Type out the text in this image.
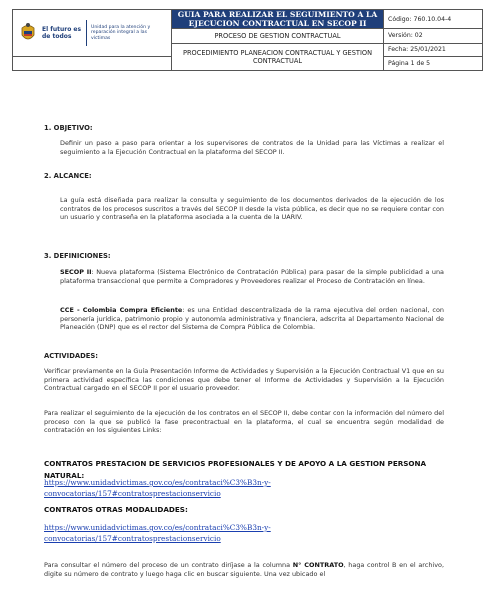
El futuro es de todos
Unidad para la atención y reparación integral a las víctimas	GUIA PARA REALIZAR EL SEGUIMIENTO A LA EJECUCION CONTRACTUAL EN SECOP II	Código: 760.10.04-4
	PROCESO DE GESTION CONTRACTUAL	Versión: 02
	PROCEDIMIENTO PLANEACION CONTRACTUAL Y GESTION CONTRACTUAL	Fecha: 25/01/2021
		Página 1 de 5
1. OBJETIVO:
Definir un paso a paso para orientar a los supervisores de contratos de la Unidad para las Víctimas a realizar el seguimiento a la Ejecución Contractual en la plataforma del SECOP II.
2. ALCANCE:
La guía está diseñada para realizar la consulta y seguimiento de los documentos derivados de la ejecución de los contratos de los procesos suscritos a través del SECOP II desde la vista pública, es decir que no se requiere contar con un usuario y contraseña en la plataforma asociada a la cuenta de la UARIV.
3. DEFINICIONES:
SECOP II: Nueva plataforma (Sistema Electrónico de Contratación Pública) para pasar de la simple publicidad a una plataforma transaccional que permite a Compradores y Proveedores realizar el Proceso de Contratación en línea.
CCE - Colombia Compra Eficiente: es una Entidad descentralizada de la rama ejecutiva del orden nacional, con personería jurídica, patrimonio propio y autonomía administrativa y financiera, adscrita al Departamento Nacional de Planeación (DNP) que es el rector del Sistema de Compra Pública de Colombia.
ACTIVIDADES:
Verificar previamente en la Guía Presentación Informe de Actividades y Supervisión a la Ejecución Contractual V1 que en su primera actividad específica las condiciones que debe tener el Informe de Actividades y Supervisión a la Ejecución Contractual cargado en el SECOP II por el usuario proveedor.
Para realizar el seguimiento de la ejecución de los contratos en el SECOP II, debe contar con la información del número del proceso con la que se publicó la fase precontractual en la plataforma, el cual se encuentra según modalidad de contratación en los siguientes Links:
CONTRATOS PRESTACION DE SERVICIOS PROFESIONALES Y DE APOYO A LA GESTION PERSONA NATURAL:
https://www.unidadvictimas.gov.co/es/contrataci%C3%B3n-y-
convocatorias/157#contratosprestacionservicio
CONTRATOS OTRAS MODALIDADES:
https://www.unidadvictimas.gov.co/es/contrataci%C3%B3n-y-
convocatorias/157#contratosprestacionservicio
Para consultar el número del proceso de un contrato diríjase a la columna N° CONTRATO, haga control B en el archivo, digite su número de contrato y luego haga clic en buscar siguiente. Una vez ubicado el
